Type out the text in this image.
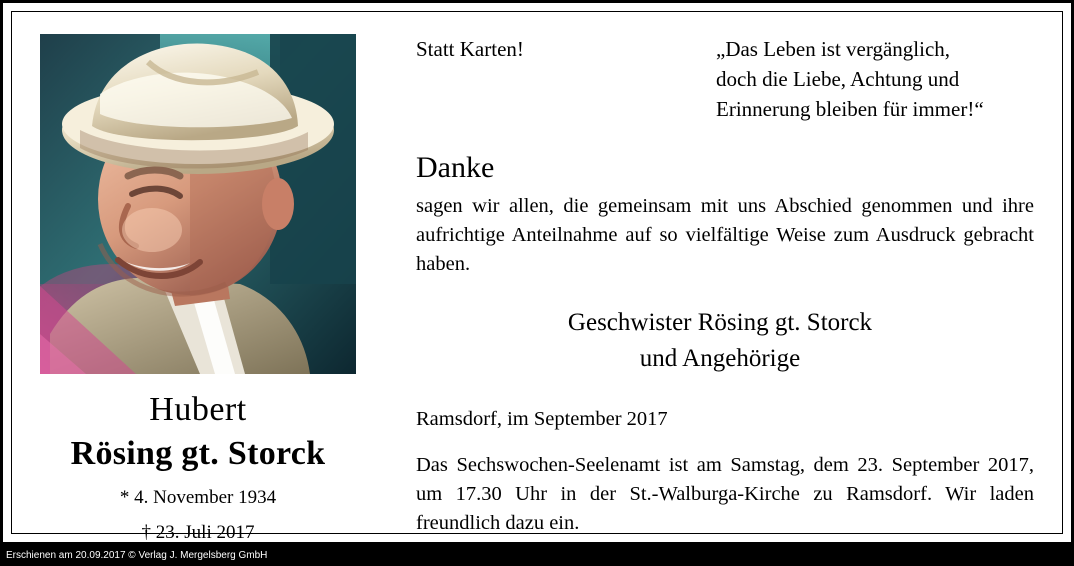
Hubert
Rösing gt. Storck
* 4. November 1934
† 23. Juli 2017
Statt Karten!	„Das Leben ist vergänglich,
doch die Liebe, Achtung und
Erinnerung bleiben für immer!“
Danke
sagen wir allen, die gemeinsam mit uns Abschied genommen und ihre aufrichtige Anteilnahme auf so vielfältige Weise zum Ausdruck gebracht haben.
Geschwister Rösing gt. Storck
und Angehörige
Ramsdorf, im September 2017
Das Sechswochen-Seelenamt ist am Samstag, dem 23. September 2017, um 17.30 Uhr in der St.-Walburga-Kirche zu Ramsdorf. Wir laden freundlich dazu ein.
Erschienen am 20.09.2017 © Verlag J. Mergelsberg GmbH
